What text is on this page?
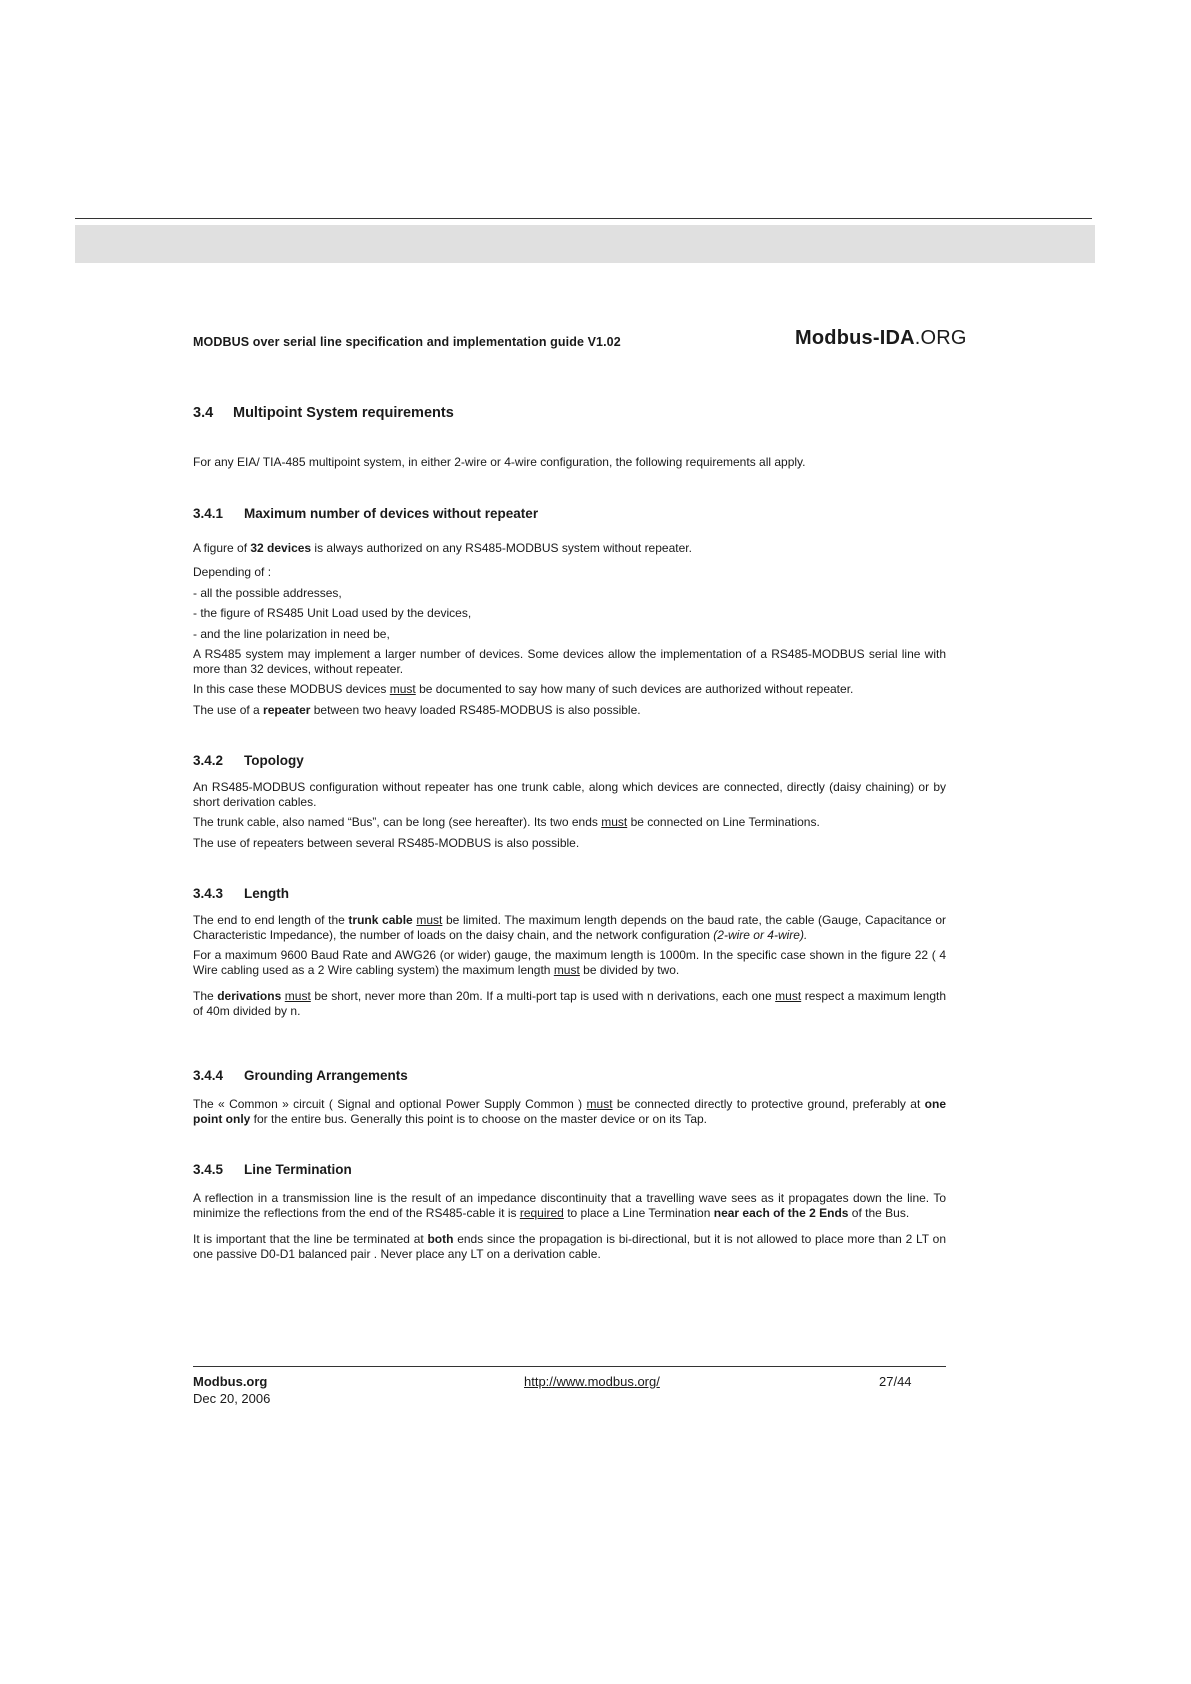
MODBUS over serial line specification and implementation guide V1.02	Modbus-IDA.ORG
3.4 Multipoint System requirements

For any EIA/ TIA-485 multipoint system, in either 2-wire or 4-wire configuration, the following requirements all apply.

3.4.1 Maximum number of devices without repeater

A figure of 32 devices is always authorized on any RS485-MODBUS system without repeater.

Depending of :

- all the possible addresses,

- the figure of RS485 Unit Load used by the devices,

- and the line polarization in need be,

A RS485 system may implement a larger number of devices. Some devices allow the implementation of a RS485-MODBUS serial line with more than 32 devices, without repeater.

In this case these MODBUS devices must be documented to say how many of such devices are authorized without repeater.

The use of a repeater between two heavy loaded RS485-MODBUS is also possible.

3.4.2 Topology

An RS485-MODBUS configuration without repeater has one trunk cable, along which devices are connected, directly (daisy chaining) or by short derivation cables.

The trunk cable, also named “Bus”, can be long (see hereafter). Its two ends must be connected on Line Terminations.

The use of repeaters between several RS485-MODBUS is also possible.

3.4.3 Length

The end to end length of the trunk cable must be limited. The maximum length depends on the baud rate, the cable (Gauge, Capacitance or Characteristic Impedance), the number of loads on the daisy chain, and the network configuration (2-wire or 4-wire).

For a maximum 9600 Baud Rate and AWG26 (or wider) gauge, the maximum length is 1000m. In the specific case shown in the figure 22 ( 4 Wire cabling used as a 2 Wire cabling system) the maximum length must be divided by two.

The derivations must be short, never more than 20m. If a multi-port tap is used with n derivations, each one must respect a maximum length of 40m divided by n.

3.4.4 Grounding Arrangements

The « Common » circuit ( Signal and optional Power Supply Common ) must be connected directly to protective ground, preferably at one point only for the entire bus. Generally this point is to choose on the master device or on its Tap.

3.4.5 Line Termination

A reflection in a transmission line is the result of an impedance discontinuity that a travelling wave sees as it propagates down the line. To minimize the reflections from the end of the RS485-cable it is required to place a Line Termination near each of the 2 Ends of the Bus.

It is important that the line be terminated at both ends since the propagation is bi-directional, but it is not allowed to place more than 2 LT on one passive D0-D1 balanced pair . Never place any LT on a derivation cable.

Modbus.org
Dec 20, 2006
http://www.modbus.org/	27/44
